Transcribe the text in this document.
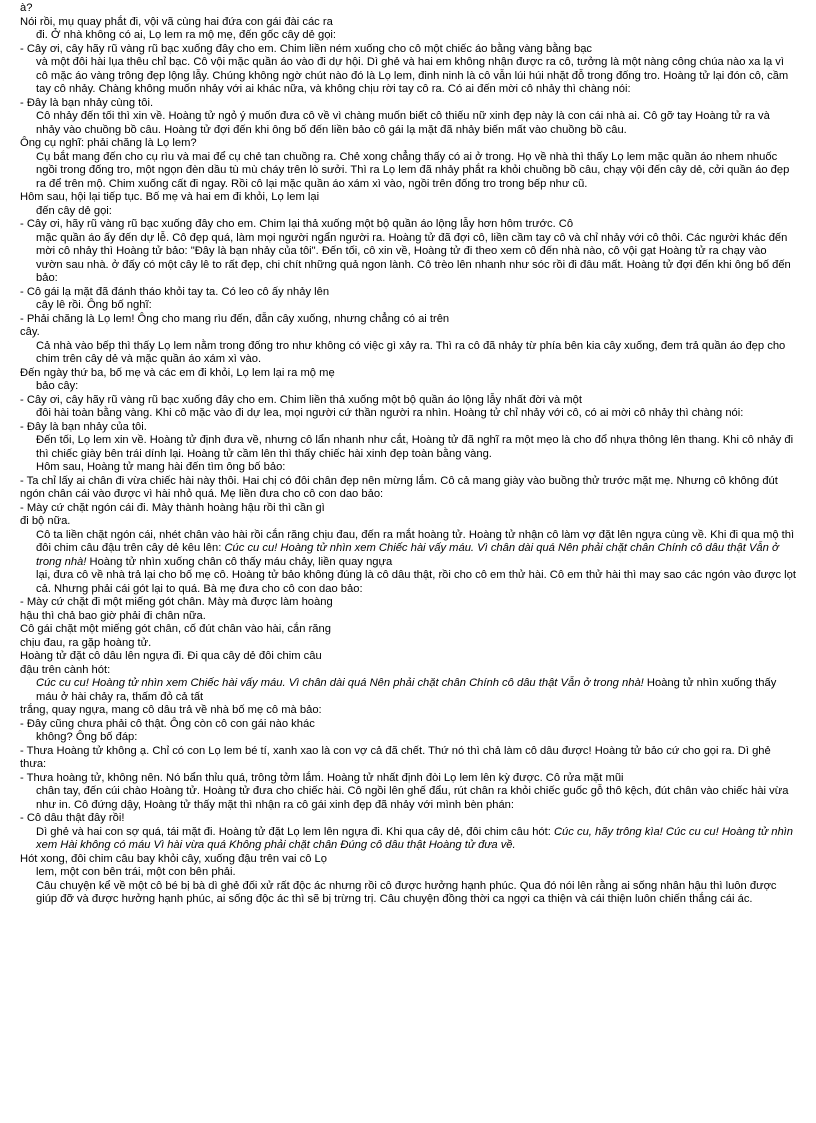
à?

Nói rồi, mụ quay phắt đi, vội vã cùng hai đứa con gái đài các ra

đi. Ở nhà không có ai, Lọ lem ra mộ mẹ, đến gốc cây dẻ gọi:

- Cây ơi, cây hãy rũ vàng rũ bạc xuống đây cho em. Chim liền ném xuống cho cô một chiếc áo bằng vàng bằng bạc

và một đôi hài lụa thêu chỉ bạc. Cô vội mặc quần áo vào đi dự hội. Dì ghẻ và hai em không nhận được ra cô, tưởng là một nàng công chúa nào xa lạ vì cô mặc áo vàng trông đẹp lộng lẫy. Chúng không ngờ chút nào đó là Lọ lem, đinh ninh là cô vẫn lúi húi nhặt đỗ trong đống tro. Hoàng tử lại đón cô, cầm tay cô nhảy. Chàng không muốn nhảy với ai khác nữa, và không chịu rời tay cô ra. Có ai đến mời cô nhảy thì chàng nói:

- Đây là bạn nhảy cùng tôi.

Cô nhảy đến tối thì xin về. Hoàng tử ngỏ ý muốn đưa cô về vì chàng muốn biết cô thiếu nữ xinh đẹp này là con cái nhà ai. Cô gỡ tay Hoàng tử ra và nhảy vào chuồng bồ câu. Hoàng tử đợi đến khi ông bố đến liền bảo cô gái lạ mặt đã nhảy biến mất vào chuồng bồ câu.

Ông cụ nghĩ: phải chăng là Lọ lem?

Cụ bắt mang đến cho cụ rìu và mai để cụ chẻ tan chuồng ra. Chẻ xong chẳng thấy có ai ở trong. Họ về nhà thì thấy Lọ lem mặc quần áo nhem nhuốc ngồi trong đống tro, một ngọn đèn dầu tù mù cháy trên lò sưởi. Thì ra Lọ lem đã nhảy phắt ra khỏi chuồng bồ câu, chạy vội đến cây dẻ, cởi quần áo đẹp ra để trên mộ. Chim xuống cất đi ngay. Rồi cô lại mặc quần áo xám xì vào, ngồi trên đống tro trong bếp như cũ.

Hôm sau, hội lại tiếp tục. Bố mẹ và hai em đi khỏi, Lọ lem lại

đến cây dẻ gọi:

- Cây ơi, hãy rũ vàng rũ bạc xuống đây cho em. Chim lại thả xuống một bộ quần áo lộng lẫy hơn hôm trước. Cô

mặc quần áo ấy đến dự lễ. Cô đẹp quá, làm mọi người ngẩn người ra. Hoàng tử đã đợi cô, liền cầm tay cô và chỉ nhảy với cô thôi. Các người khác đến mời cô nhảy thì Hoàng tử bảo: "Đây là bạn nhảy của tôi". Đến tối, cô xin về, Hoàng tử đi theo xem cô đến nhà nào, cô vội gạt Hoàng tử ra chạy vào vườn sau nhà. ở đấy có một cây lê to rất đẹp, chi chít những quả ngon lành. Cô trèo lên nhanh như sóc rồi đi đâu mất. Hoàng tử đợi đến khi ông bố đến bảo:

- Cô gái lạ mặt đã đánh tháo khỏi tay ta. Có leo cô ấy nhảy lên

cây lê rồi. Ông bố nghĩ:

- Phải chăng là Lọ lem! Ông cho mang rìu đến, đẵn cây xuống, nhưng chẳng có ai trên

cây.

Cả nhà vào bếp thì thấy Lọ lem nằm trong đống tro như không có việc gì xảy ra. Thì ra cô đã nhảy từ phía bên kia cây xuống, đem trả quần áo đẹp cho chim trên cây dẻ và mặc quần áo xám xì vào.

Đến ngày thứ ba, bố mẹ và các em đi khỏi, Lọ lem lại ra mộ mẹ

bảo cây:

- Cây ơi, cây hãy rũ vàng rũ bạc xuống đây cho em. Chim liền thả xuống một bộ quần áo lộng lẫy nhất đời và một

đôi hài toàn bằng vàng. Khi cô mặc vào đi dự lea, mọi người cứ thần người ra nhìn. Hoàng tử chỉ nhảy với cô, có ai mời cô nhảy thì chàng nói:

- Đây là bạn nhảy của tôi.

Đến tối, Lọ lem xin về. Hoàng tử định đưa về, nhưng cô lẩn nhanh như cắt, Hoàng tử đã nghĩ ra một mẹo là cho đổ nhựa thông lên thang. Khi cô nhảy đi thì chiếc giày bên trái dính lại. Hoàng tử cầm lên thì thấy chiếc hài xinh đẹp toàn bằng vàng.

Hôm sau, Hoàng tử mang hài đến tìm ông bố bảo:

- Ta chỉ lấy ai chân đi vừa chiếc hài này thôi. Hai chị có đôi chân đẹp nên mừng lắm. Cô cả mang giày vào buồng thử trước mặt mẹ. Nhưng cô không đút ngón chân cái vào được vì hài nhỏ quá. Mẹ liền đưa cho cô con dao bảo:

- Mày cứ chặt ngón cái đi. Mày thành hoàng hậu rồi thì cần gì

đi bộ nữa.

Cô ta liền chặt ngón cái, nhét chân vào hài rồi cắn răng chịu đau, đến ra mắt hoàng tử. Hoàng tử nhận cô làm vợ đặt lên ngựa cùng về. Khi đi qua mộ thì đôi chim câu đậu trên cây dẻ kêu lên: Cúc cu cu! Hoàng tử nhìn xem Chiếc hài vấy máu. Vì chân dài quá Nên phải chặt chân Chính cô dâu thật Vẫn ở trong nhà! Hoàng tử nhìn xuống chân cô thấy máu chảy, liền quay ngựa

lại, đưa cô về nhà trả lại cho bố mẹ cô. Hoàng tử bảo không đúng là cô dâu thật, rồi cho cô em thử hài. Cô em thử hài thì may sao các ngón vào được lọt cả. Nhưng phải cái gót lại to quá. Bà mẹ đưa cho cô con dao bảo:

- Mày cứ chặt đi một miếng gót chân. Mày mà được làm hoàng

hậu thì chả bao giờ phải đi chân nữa.

Cô gái chặt một miếng gót chân, cố đút chân vào hài, cắn răng

chịu đau, ra gặp hoàng tử.

Hoàng tử đặt cô dâu lên ngựa đi. Đi qua cây dẻ đôi chim câu

đậu trên cành hót:

Cúc cu cu! Hoàng tử nhìn xem Chiếc hài vấy máu. Vì chân dài quá Nên phải chặt chân Chính cô dâu thật Vẫn ở trong nhà! Hoàng tử nhìn xuống thấy máu ở hài chảy ra, thấm đỏ cả tất

trắng, quay ngựa, mang cô dâu trả về nhà bố mẹ cô mà bảo:

- Đây cũng chưa phải cô thật. Ông còn cô con gái nào khác

không? Ông bố đáp:

- Thưa Hoàng tử không ạ. Chỉ có con Lọ lem bé tí, xanh xao là con vợ cả đã chết. Thứ nó thì chả làm cô dâu được! Hoàng tử bảo cứ cho gọi ra. Dì ghẻ thưa:

- Thưa hoàng tử, không nên. Nó bẩn thỉu quá, trông tởm lắm. Hoàng tử nhất định đòi Lọ lem lên kỳ được. Cô rửa mặt mũi

chân tay, đến cúi chào Hoàng tử. Hoàng tử đưa cho chiếc hài. Cô ngồi lên ghế đẩu, rút chân ra khỏi chiếc guốc gỗ thô kệch, đút chân vào chiếc hài vừa như in. Cô đứng dậy, Hoàng tử thấy mặt thì nhận ra cô gái xinh đẹp đã nhảy với mình bèn phán:

- Cô dâu thật đây rồi!

Dì ghẻ và hai con sợ quá, tái mặt đi. Hoàng tử đặt Lọ lem lên ngựa đi. Khi qua cây dẻ, đôi chim câu hót: Cúc cu, hãy trông kìa! Cúc cu cu! Hoàng tử nhìn xem Hài không có máu Vì hài vừa quá Không phải chặt chân Đúng cô dâu thật Hoàng tử đưa về.

Hót xong, đôi chim câu bay khỏi cây, xuống đậu trên vai cô Lọ

lem, một con bên trái, một con bên phải.

Câu chuyện kể về một cô bé bị bà dì ghẻ đối xử rất độc ác nhưng rồi cô được hưởng hạnh phúc. Qua đó nói lên rằng ai sống nhân hậu thì luôn được giúp đỡ và được hưởng hạnh phúc, ai sống độc ác thì sẽ bị trừng trị. Câu chuyện đồng thời ca ngợi ca thiện và cái thiện luôn chiến thắng cái ác.
